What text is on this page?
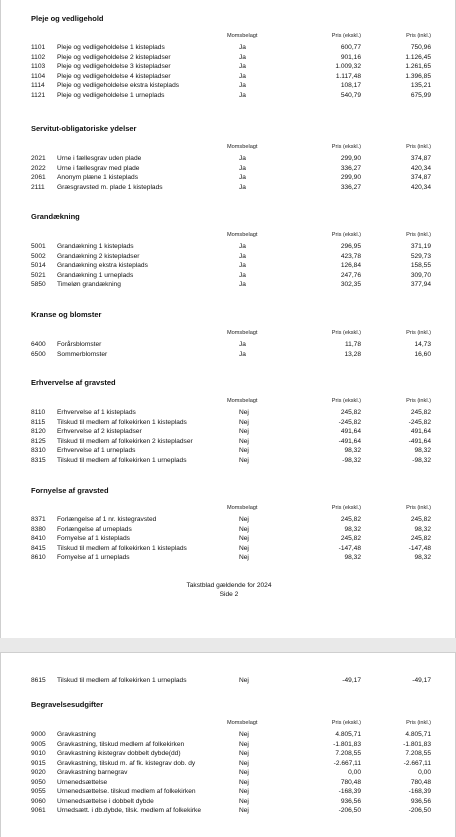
Pleje og vedligehold
Momsbelagt	Pris (ekskl.)	Pris (inkl.)
1101 Pleje og vedligeholdelse 1 kisteplads	Ja	600,77	750,96
1102 Pleje og vedligeholdelse 2 kistepladser	Ja	901,16	1.126,45
1103 Pleje og vedligeholdelse 3 kistepladser	Ja	1.009,32	1.261,65
1104 Pleje og vedligeholdelse 4 kistepladser	Ja	1.117,48	1.396,85
1114 Pleje og vedligeholdelse ekstra kisteplads	Ja	108,17	135,21
1121 Pleje og vedligeholdelse 1 urneplads	Ja	540,79	675,99
Servitut-obligatoriske ydelser
Momsbelagt	Pris (ekskl.)	Pris (inkl.)
2021 Urne i fællesgrav uden plade	Ja	299,90	374,87
2022 Urne i fællesgrav med plade	Ja	336,27	420,34
2061 Anonym plæne 1 kisteplads	Ja	299,90	374,87
2111 Græsgravsted m. plade 1 kisteplads	Ja	336,27	420,34
Grandækning
Momsbelagt	Pris (ekskl.)	Pris (inkl.)
5001 Grandækning 1 kisteplads	Ja	296,95	371,19
5002 Grandækning 2 kistepladser	Ja	423,78	529,73
5014 Grandækning ekstra kisteplads	Ja	126,84	158,55
5021 Grandækning 1 urneplads	Ja	247,76	309,70
5850 Timeløn grandækning	Ja	302,35	377,94
Kranse og blomster
Momsbelagt	Pris (ekskl.)	Pris (inkl.)
6400 Forårsblomster	Ja	11,78	14,73
6500 Sommerblomster	Ja	13,28	16,60
Erhvervelse af gravsted
Momsbelagt	Pris (ekskl.)	Pris (inkl.)
8110 Erhvervelse af 1 kisteplads	Nej	245,82	245,82
8115 Tilskud til medlem af folkekirken 1 kisteplads	Nej	-245,82	-245,82
8120 Erhvervelse af 2 kistepladser	Nej	491,64	491,64
8125 Tilskud til medlem af folkekirken 2 kistepladser	Nej	-491,64	-491,64
8310 Erhvervelse af 1 urneplads	Nej	98,32	98,32
8315 Tilskud til medlem af folkekirken 1 urneplads	Nej	-98,32	-98,32
Fornyelse af gravsted
Momsbelagt	Pris (ekskl.)	Pris (inkl.)
8371 Forlængelse af 1 nr. kistegravsted	Nej	245,82	245,82
8380 Forlængelse af urneplads	Nej	98,32	98,32
8410 Fornyelse af 1 kisteplads	Nej	245,82	245,82
8415 Tilskud til medlem af folkekirken 1 kisteplads	Nej	-147,48	-147,48
8610 Fornyelse af 1 urneplads	Nej	98,32	98,32
Takstblad gældende for 2024
Side 2
8615 Tilskud til medlem af folkekirken 1 urneplads	Nej	-49,17	-49,17
Begravelsesudgifter
Momsbelagt	Pris (ekskl.)	Pris (inkl.)
9000 Gravkastning	Nej	4.805,71	4.805,71
9005 Gravkastning, tilskud medlem af folkekirken	Nej	-1.801,83	-1.801,83
9010 Gravkastning ikistegrav dobbelt dybde(dd)	Nej	7.208,55	7.208,55
9015 Gravkastning, tilskud m. af fk. kistegrav dob. dy	Nej	-2.667,11	-2.667,11
9020 Gravkastning barnegrav	Nej	0,00	0,00
9050 Urnenedsættelse	Nej	780,48	780,48
9055 Urnenedsættelse. tilskud medlem af folkekirken	Nej	-168,39	-168,39
9060 Urnenedsættelse i dobbelt dybde	Nej	936,56	936,56
9061 Urnedsætt. i db.dybde, tilsk. medlem af folkekirke	Nej	-206,50	-206,50
